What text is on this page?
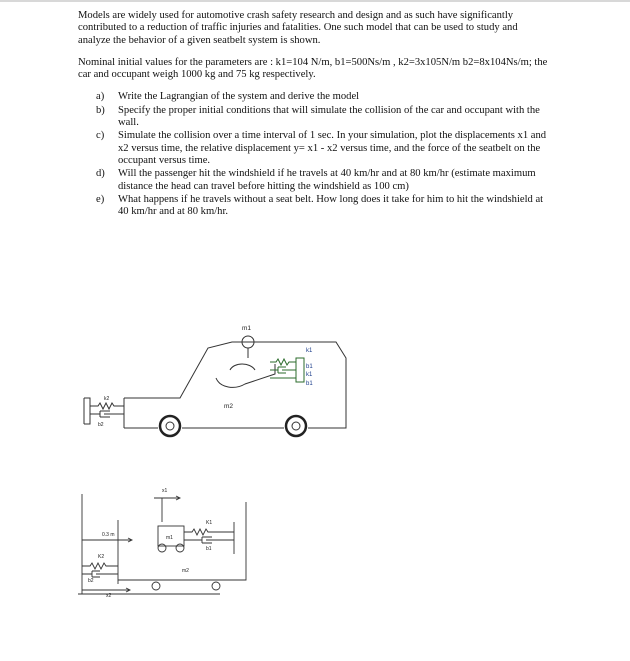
Models are widely used for automotive crash safety research and design and as such have significantly contributed to a reduction of traffic injuries and fatalities. One such model that can be used to study and analyze the behavior of a given seatbelt system is shown.

Nominal initial values for the parameters are : k1=104 N/m, b1=500Ns/m , k2=3x105N/m b2=8x104Ns/m; the car and occupant weigh 1000 kg and 75 kg respectively.

a)	Write the Lagrangian of the system and derive the model
b)	Specify the proper initial conditions that will simulate the collision of the car and occupant with the wall.
c)	Simulate the collision over a time interval of 1 sec. In your simulation, plot the displacements x1 and x2 versus time, the relative displacement y= x1 - x2 versus time, and the force of the seatbelt on the occupant versus time.
d)	Will the passenger hit the windshield if he travels at 40 km/hr and at 80 km/hr (estimate maximum distance the head can travel before hitting the windshield as 100 cm)
e)	What happens if he travels without a seat belt. How long does it take for him to hit the windshield at 40 km/hr and at 80 km/hr.
m1
k1
b1
k1
b1
m2
k2
b2
x1
0.3 m
K2
m1
K1
b1
m2
b2
x2
